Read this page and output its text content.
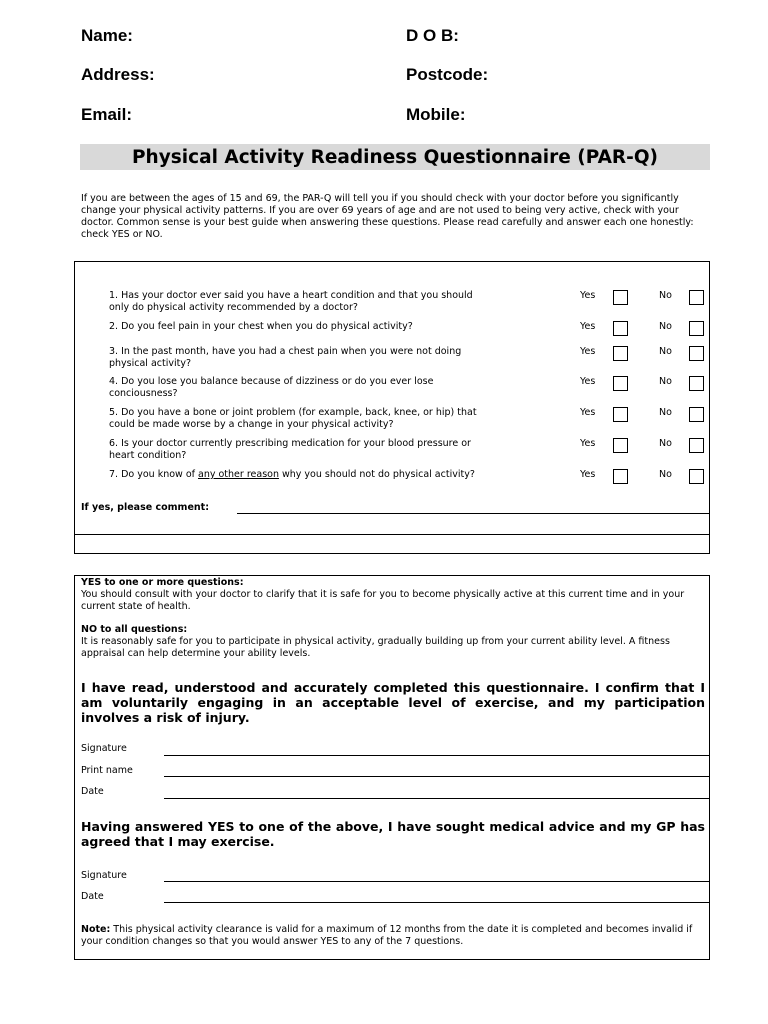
Name:	D O B:
Address:	Postcode:
Email:	Mobile:
Physical Activity Readiness Questionnaire (PAR-Q)
If you are between the ages of 15 and 69, the PAR-Q will tell you if you should check with your doctor before you significantly change your physical activity patterns. If you are over 69 years of age and are not used to being very active, check with your doctor. Common sense is your best guide when answering these questions. Please read carefully and answer each one honestly: check YES or NO.
1. Has your doctor ever said you have a heart condition and that you should only do physical activity recommended by a doctor?
Yes	No
2. Do you feel pain in your chest when you do physical activity?	Yes	No
3. In the past month, have you had a chest pain when you were not doing physical activity?
Yes	No
4. Do you lose you balance because of dizziness or do you ever lose conciousness?
Yes	No
5. Do you have a bone or joint problem (for example, back, knee, or hip) that could be made worse by a change in your physical activity?
Yes	No
6. Is your doctor currently prescribing medication for your blood pressure or heart condition?
Yes	No
7. Do you know of any other reason why you should not do physical activity?	Yes	No
If yes, please comment:
YES to one or more questions:
You should consult with your doctor to clarify that it is safe for you to become physically active at this current time and in your current state of health.
NO to all questions:
It is reasonably safe for you to participate in physical activity, gradually building up from your current ability level. A fitness appraisal can help determine your ability levels.
I have read, understood and accurately completed this questionnaire. I confirm that I am voluntarily engaging in an acceptable level of exercise, and my participation involves a risk of injury.
Signature
Print name
Date
Having answered YES to one of the above, I have sought medical advice and my GP has agreed that I may exercise.
Signature
Date
Note: This physical activity clearance is valid for a maximum of 12 months from the date it is completed and becomes invalid if your condition changes so that you would answer YES to any of the 7 questions.
